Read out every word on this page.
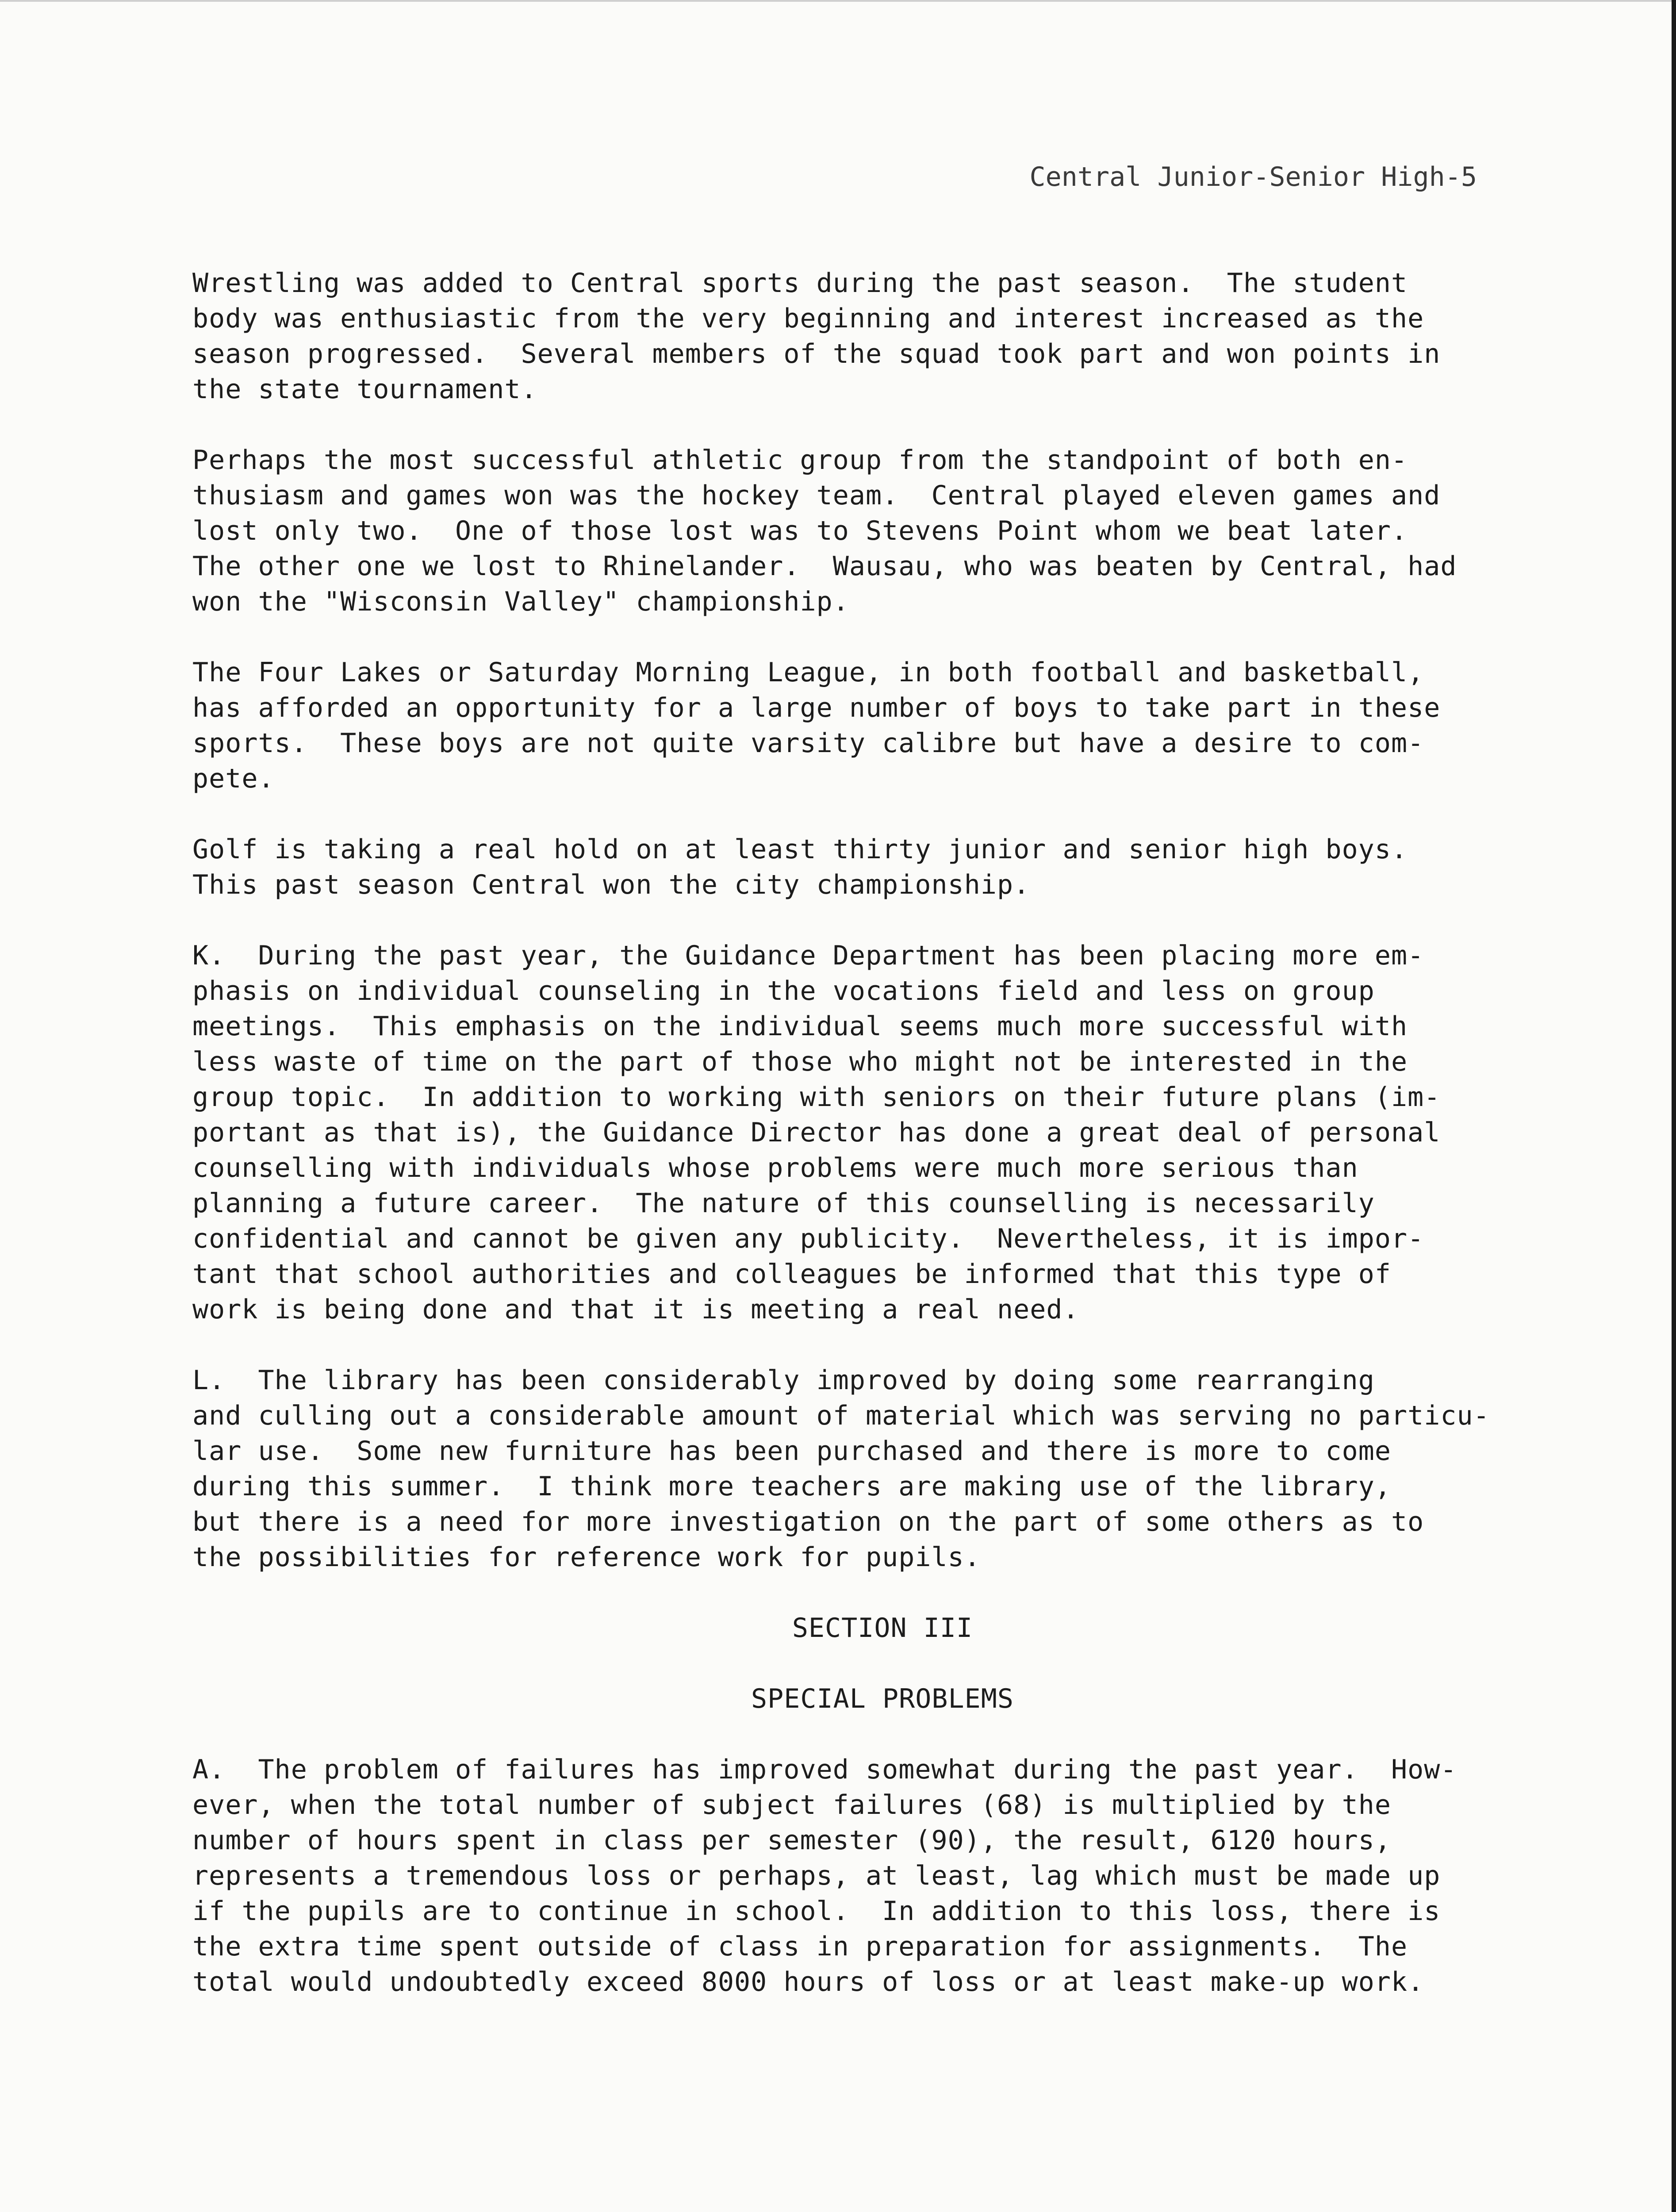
Central Junior-Senior High-5
Wrestling was added to Central sports during the past season.  The student
body was enthusiastic from the very beginning and interest increased as the
season progressed.  Several members of the squad took part and won points in
the state tournament.
Perhaps the most successful athletic group from the standpoint of both en-
thusiasm and games won was the hockey team.  Central played eleven games and
lost only two.  One of those lost was to Stevens Point whom we beat later.
The other one we lost to Rhinelander.  Wausau, who was beaten by Central, had
won the "Wisconsin Valley" championship.
The Four Lakes or Saturday Morning League, in both football and basketball,
has afforded an opportunity for a large number of boys to take part in these
sports.  These boys are not quite varsity calibre but have a desire to com-
pete.
Golf is taking a real hold on at least thirty junior and senior high boys.
This past season Central won the city championship.
K.  During the past year, the Guidance Department has been placing more em-
phasis on individual counseling in the vocations field and less on group
meetings.  This emphasis on the individual seems much more successful with
less waste of time on the part of those who might not be interested in the
group topic.  In addition to working with seniors on their future plans (im-
portant as that is), the Guidance Director has done a great deal of personal
counselling with individuals whose problems were much more serious than
planning a future career.  The nature of this counselling is necessarily
confidential and cannot be given any publicity.  Nevertheless, it is impor-
tant that school authorities and colleagues be informed that this type of
work is being done and that it is meeting a real need.
L.  The library has been considerably improved by doing some rearranging
and culling out a considerable amount of material which was serving no particu-
lar use.  Some new furniture has been purchased and there is more to come
during this summer.  I think more teachers are making use of the library,
but there is a need for more investigation on the part of some others as to
the possibilities for reference work for pupils.
SECTION III
SPECIAL PROBLEMS
A.  The problem of failures has improved somewhat during the past year.  How-
ever, when the total number of subject failures (68) is multiplied by the
number of hours spent in class per semester (90), the result, 6120 hours,
represents a tremendous loss or perhaps, at least, lag which must be made up
if the pupils are to continue in school.  In addition to this loss, there is
the extra time spent outside of class in preparation for assignments.  The
total would undoubtedly exceed 8000 hours of loss or at least make-up work.
